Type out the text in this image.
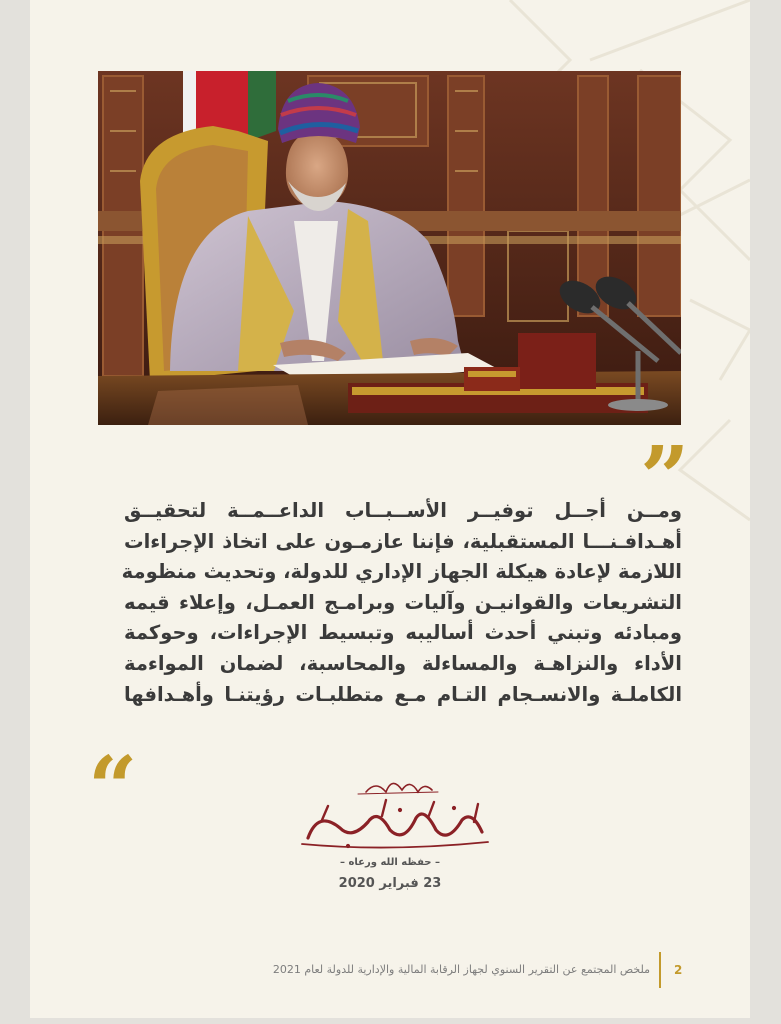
”
ومــن أجــل توفيــر الأســبــاب الداعــمــة لتحقيــق
أهـدافـنـــا المستقبلية، فإننا عازمـون على اتخاذ الإجراءات
اللازمة لإعادة هيكلة الجهاز الإداري للدولة، وتحديث منظومة
التشريعات والقوانيـن وآليات وبرامـج العمـل، وإعلاء قيمه
ومبادئه وتبني أحدث أساليبه وتبسيط الإجراءات، وحوكمة
الأداء والنزاهـة والمساءلة والمحاسبة، لضمان المواءمة
الكاملـة والانسـجام التـام مـع متطلبـات رؤيتنـا وأهـدافها
“
– حفظه الله ورعاه –
23 فبراير 2020
ملخص المجتمع عن التقرير السنوي لجهاز الرقابة المالية والإدارية للدولة لعام 2021 2
